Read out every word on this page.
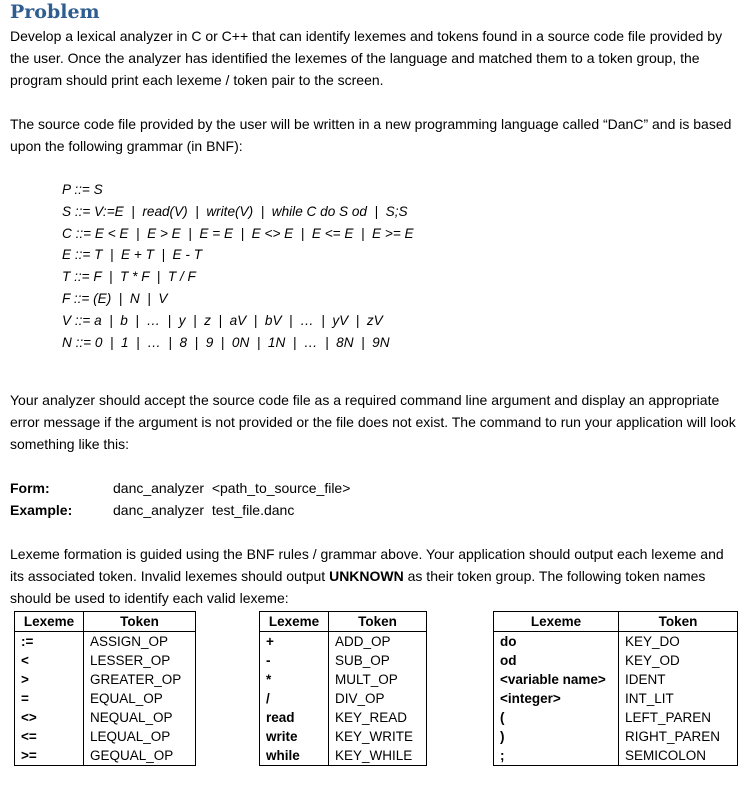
Problem

Develop a lexical analyzer in C or C++ that can identify lexemes and tokens found in a source code file provided by the user. Once the analyzer has identified the lexemes of the language and matched them to a token group, the program should print each lexeme / token pair to the screen.

The source code file provided by the user will be written in a new programming language called “DanC” and is based upon the following grammar (in BNF):

P ::= S
S ::= V:=E  |  read(V)  |  write(V)  |  while C do S od  |  S;S
C ::= E < E  |  E > E  |  E = E  |  E <> E  |  E <= E  |  E >= E
E ::= T  |  E + T  |  E - T
T ::= F  |  T * F  |  T / F
F ::= (E)  |  N  |  V
V ::= a  |  b  |  …  |  y  |  z  |  aV  |  bV  |  …  |  yV  |  zV
N ::= 0  |  1  |  …  |  8  |  9  |  0N  |  1N  |  …  |  8N  |  9N

Your analyzer should accept the source code file as a required command line argument and display an appropriate error message if the argument is not provided or the file does not exist. The command to run your application will look something like this:

Form:	danc_analyzer  <path_to_source_file>
Example:	danc_analyzer  test_file.danc

Lexeme formation is guided using the BNF rules / grammar above. Your application should output each lexeme and its associated token. Invalid lexemes should output UNKNOWN as their token group. The following token names should be used to identify each valid lexeme:

Lexeme	Token
:=	ASSIGN_OP
<	LESSER_OP
>	GREATER_OP
=	EQUAL_OP
<>	NEQUAL_OP
<=	LEQUAL_OP
>=	GEQUAL_OP
Lexeme	Token
+	ADD_OP
-	SUB_OP
*	MULT_OP
/	DIV_OP
read	KEY_READ
write	KEY_WRITE
while	KEY_WHILE
Lexeme	Token
do	KEY_DO
od	KEY_OD
<variable name>	IDENT
<integer>	INT_LIT
(	LEFT_PAREN
)	RIGHT_PAREN
;	SEMICOLON
